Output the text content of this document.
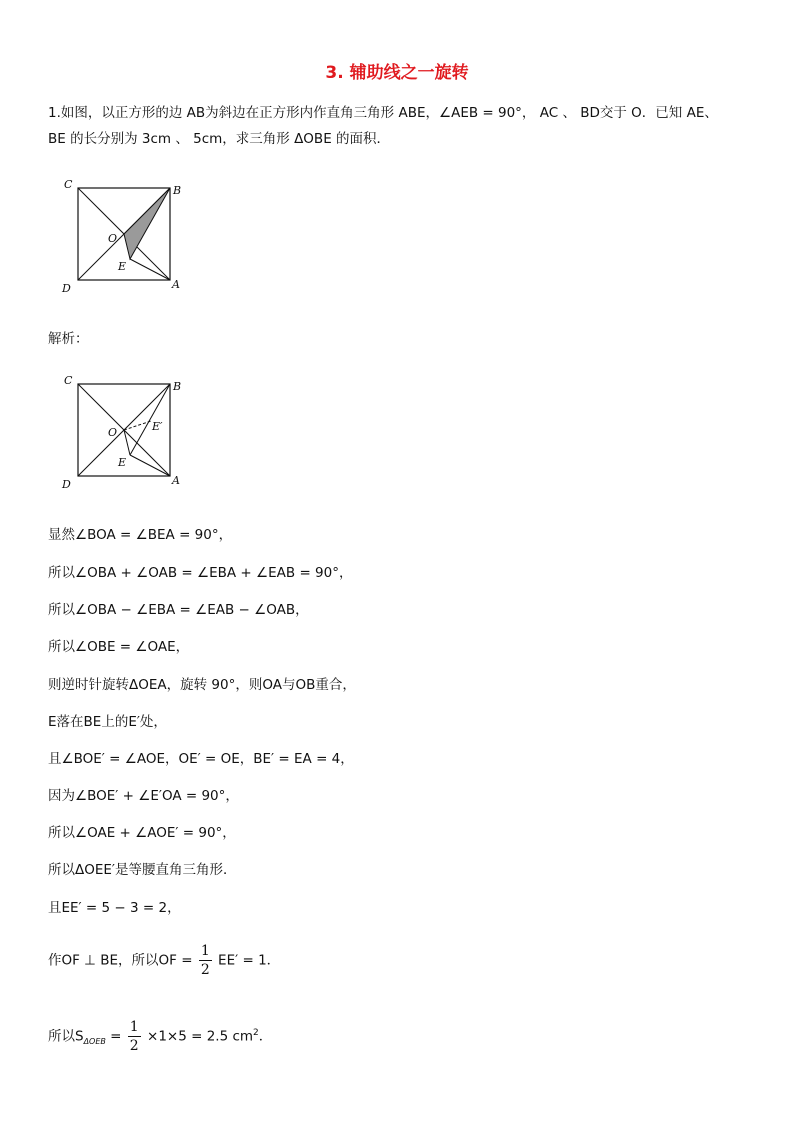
3. 辅助线之一旋转
1.如图，以正方形的边 AB为斜边在正方形内作直角三角形 ABE，∠AEB = 90°， AC 、 BD交于 O．已知 AE、
BE 的长分别为 3cm 、 5cm，求三角形 ΔOBE 的面积．
C	B
O
E
D	A
解析：
C	B
O	E′
E
D	A
显然∠BOA = ∠BEA = 90°，
所以∠OBA + ∠OAB = ∠EBA + ∠EAB = 90°，
所以∠OBA − ∠EBA = ∠EAB − ∠OAB，
所以∠OBE = ∠OAE，
则逆时针旋转ΔOEA，旋转 90°，则OA与OB重合，
E落在BE上的E′处，
且∠BOE′ = ∠AOE，OE′ = OE，BE′ = EA = 4，
因为∠BOE′ + ∠E′OA = 90°，
所以∠OAE + ∠AOE′ = 90°，
所以ΔOEE′是等腰直角三角形．
且EE′ = 5 − 3 = 2，
作OF ⊥ BE，所以OF = $\frac{1}{2} EE' = 1$．
所以$S_{\Delta OEB} = \frac{1}{2} \times 1\times 5 = 2.5$ $cm^2$．
